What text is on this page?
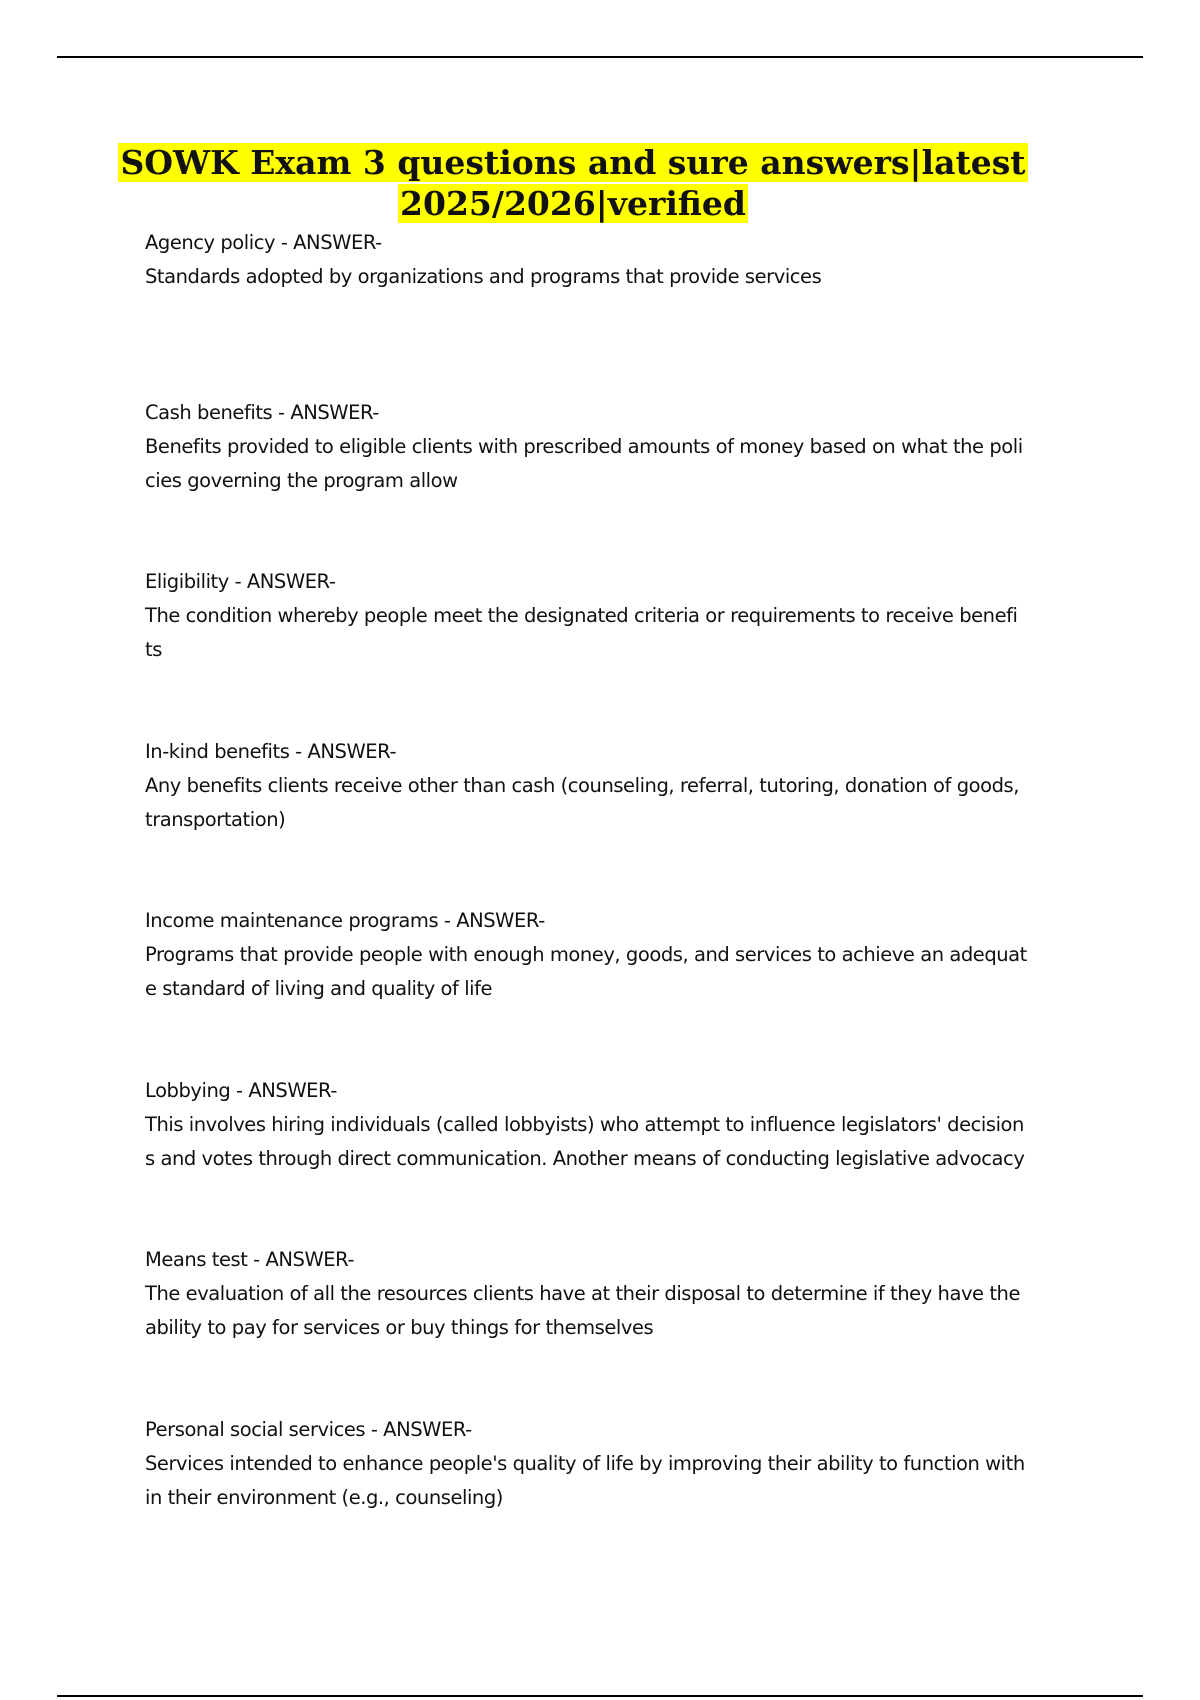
SOWK Exam 3 questions and sure answers|latest
2025/2026|verified
Agency policy - ANSWER-
Standards adopted by organizations and programs that provide services
Cash benefits - ANSWER-
Benefits provided to eligible clients with prescribed amounts of money based on what the poli
cies governing the program allow
Eligibility - ANSWER-
The condition whereby people meet the designated criteria or requirements to receive benefi
ts
In-kind benefits - ANSWER-
Any benefits clients receive other than cash (counseling, referral, tutoring, donation of goods,
transportation)
Income maintenance programs - ANSWER-
Programs that provide people with enough money, goods, and services to achieve an adequat
e standard of living and quality of life
Lobbying - ANSWER-
This involves hiring individuals (called lobbyists) who attempt to influence legislators' decision
s and votes through direct communication. Another means of conducting legislative advocacy
Means test - ANSWER-
The evaluation of all the resources clients have at their disposal to determine if they have the
ability to pay for services or buy things for themselves
Personal social services - ANSWER-
Services intended to enhance people's quality of life by improving their ability to function with
in their environment (e.g., counseling)
